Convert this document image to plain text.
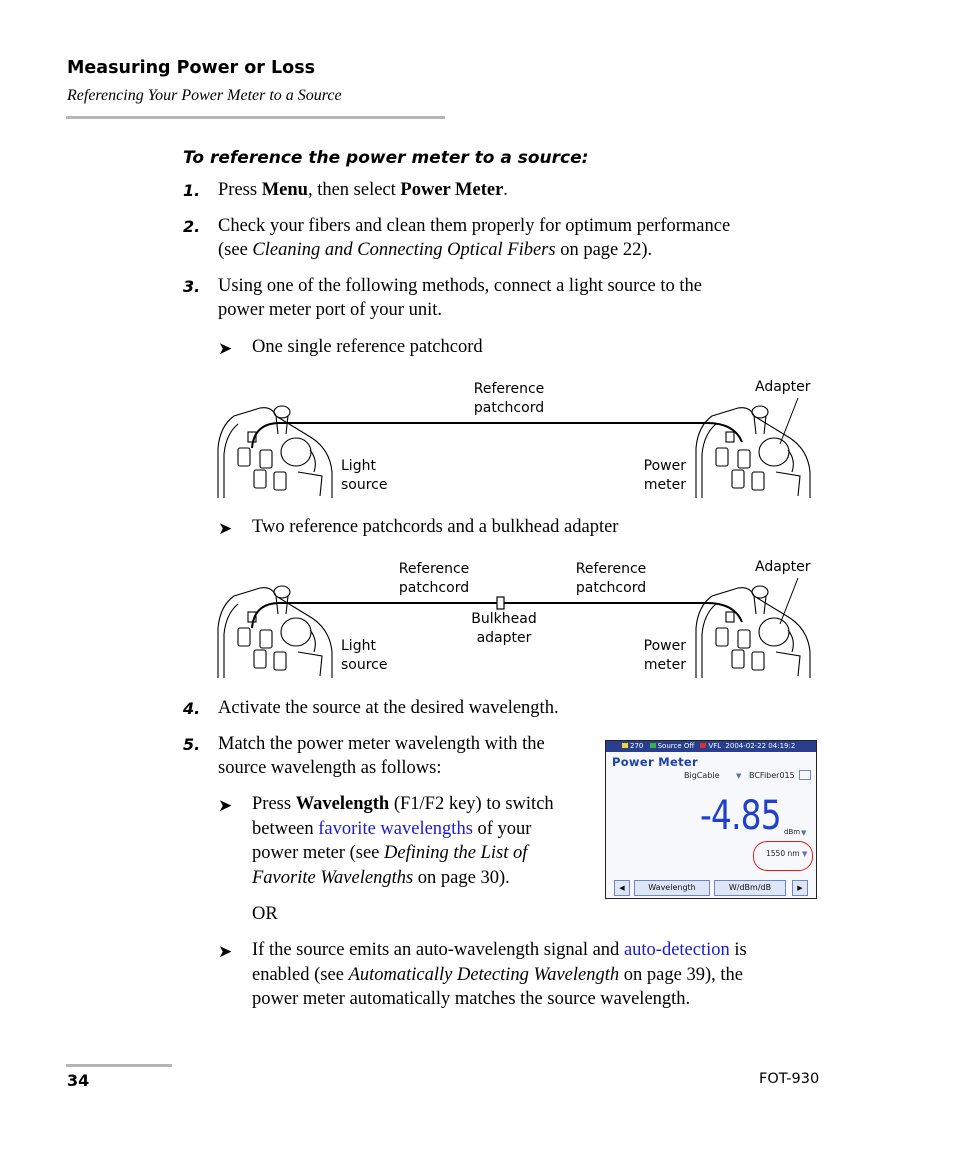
Measuring Power or Loss
Referencing Your Power Meter to a Source
To reference the power meter to a source:
1. Press Menu, then select Power Meter.
2. Check your fibers and clean them properly for optimum performance
(see Cleaning and Connecting Optical Fibers on page 22).
3. Using one of the following methods, connect a light source to the
power meter port of your unit.
➤ One single reference patchcord
Reference
patchcord
Adapter
Light
source
Power
meter
➤ Two reference patchcords and a bulkhead adapter
Reference
patchcord
Reference
patchcord
Adapter
Bulkhead
adapter
Light
source
Power
meter
4. Activate the source at the desired wavelength.
5. Match the power meter wavelength with the
source wavelength as follows:
➤ Press Wavelength (F1/F2 key) to switch
between favorite wavelengths of your
power meter (see Defining the List of
Favorite Wavelengths on page 30).
OR
➤ If the source emits an auto-wavelength signal and auto-detection is
enabled (see Automatically Detecting Wavelength on page 39), the
power meter automatically matches the source wavelength.
270 Source Off VFL 2004-02-22 04:19:2
Power Meter
BigCable ▼ BCFiber015
-4.85 dBm ▼
1550 nm ▼
◀	Wavelength	W/dBm/dB	▶
34	FOT-930
